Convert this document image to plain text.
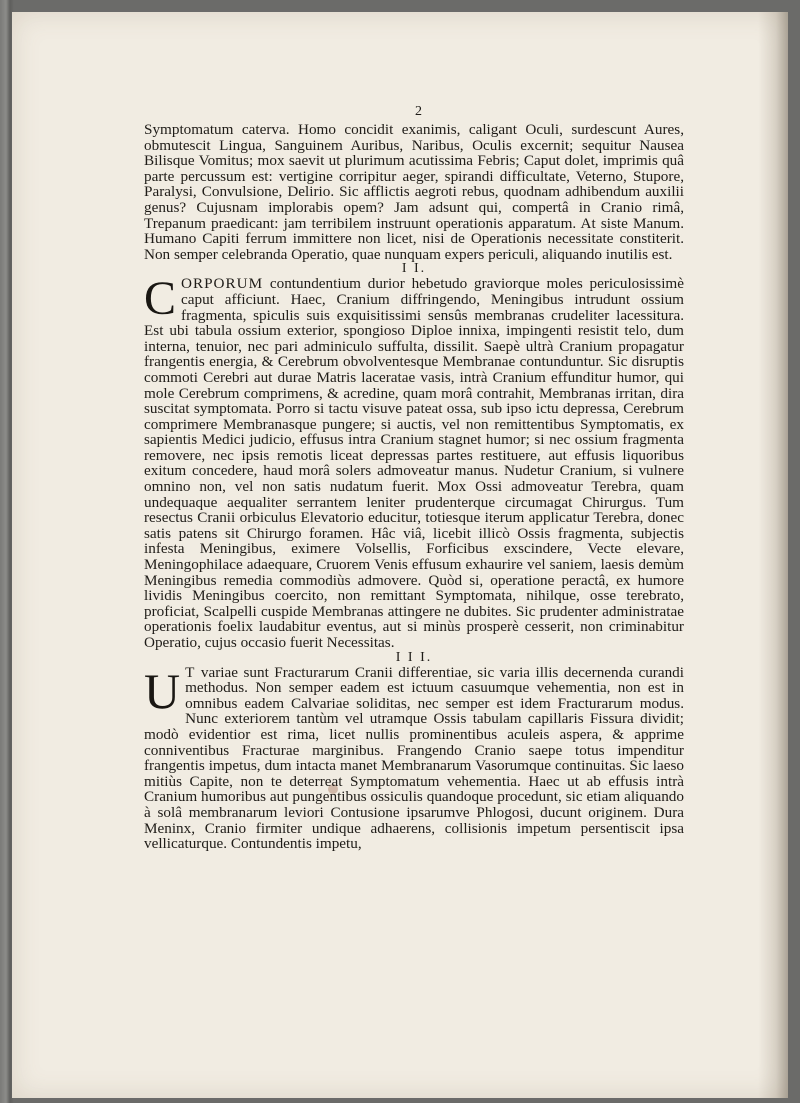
2

Symptomatum caterva. Homo concidit exanimis, caligant Oculi, surdescunt Aures, obmutescit Lingua, Sanguinem Auribus, Naribus, Oculis excernit; sequitur Nausea Bilisque Vomitus; mox saevit ut plurimum acutissima Febris; Caput dolet, imprimis quâ parte percussum est: vertigine corripitur aeger, spirandi difficultate, Veterno, Stupore, Paralysi, Convulsione, Delirio. Sic afflictis aegroti rebus, quodnam adhibendum auxilii genus? Cujusnam implorabis opem? Jam adsunt qui, compertâ in Cranio rimâ, Trepanum praedicant: jam terribilem instruunt operationis apparatum. At siste Manum. Humano Capiti ferrum immittere non licet, nisi de Operationis necessitate constiterit. Non semper celebranda Operatio, quae nunquam expers periculi, aliquando inutilis est.

I I.

CORPORUM contundentium durior hebetudo graviorque moles periculosissimè caput afficiunt. Haec, Cranium diffringendo, Meningibus intrudunt ossium fragmenta, spiculis suis exquisitissimi sensûs membranas crudeliter lacessitura. Est ubi tabula ossium exterior, spongioso Diploe innixa, impingenti resistit telo, dum interna, tenuior, nec pari adminiculo suffulta, dissilit. Saepè ultrà Cranium propagatur frangentis energia, & Cerebrum obvolventesque Membranae contunduntur. Sic disruptis commoti Cerebri aut durae Matris laceratae vasis, intrà Cranium effunditur humor, qui mole Cerebrum comprimens, & acredine, quam morâ contrahit, Membranas irritan, dira suscitat symptomata. Porro si tactu visuve pateat ossa, sub ipso ictu depressa, Cerebrum comprimere Membranasque pungere; si auctis, vel non remittentibus Symptomatis, ex sapientis Medici judicio, effusus intra Cranium stagnet humor; si nec ossium fragmenta removere, nec ipsis remotis liceat depressas partes restituere, aut effusis liquoribus exitum concedere, haud morâ solers admoveatur manus. Nudetur Cranium, si vulnere omnino non, vel non satis nudatum fuerit. Mox Ossi admoveatur Terebra, quam undequaque aequaliter serrantem leniter prudenterque circumagat Chirurgus. Tum resectus Cranii orbiculus Elevatorio educitur, totiesque iterum applicatur Terebra, donec satis patens sit Chirurgo foramen. Hâc viâ, licebit illicò Ossis fragmenta, subjectis infesta Meningibus, eximere Volsellis, Forficibus exscindere, Vecte elevare, Meningophilace adaequare, Cruorem Venis effusum exhaurire vel saniem, laesis demùm Meningibus remedia commodiùs admovere. Quòd si, operatione peractâ, ex humore lividis Meningibus coercito, non remittant Symptomata, nihilque, osse terebrato, proficiat, Scalpelli cuspide Membranas attingere ne dubites. Sic prudenter administratae operationis foelix laudabitur eventus, aut si minùs prosperè cesserit, non criminabitur Operatio, cujus occasio fuerit Necessitas.

I I I.

U T variae sunt Fracturarum Cranii differentiae, sic varia illis decernenda curandi methodus. Non semper eadem est ictuum casuumque vehementia, non est in omnibus eadem Calvariae soliditas, nec semper est idem Fracturarum modus. Nunc exteriorem tantùm vel utramque Ossis tabulam capillaris Fissura dividit; modò evidentior est rima, licet nullis prominentibus aculeis aspera, & apprime conniventibus Fracturae marginibus. Frangendo Cranio saepe totus impenditur frangentis impetus, dum intacta manet Membranarum Vasorumque continuitas. Sic laeso mitiùs Capite, non te deterreat Symptomatum vehementia. Haec ut ab effusis intrà Cranium humoribus aut pungentibus ossiculis quandoque procedunt, sic etiam aliquando à solâ membranarum leviori Contusione ipsarumve Phlogosi, ducunt originem. Dura Meninx, Cranio firmiter undique adhaerens, collisionis impetum persentiscit ipsa vellicaturque. Contundentis impetu,
